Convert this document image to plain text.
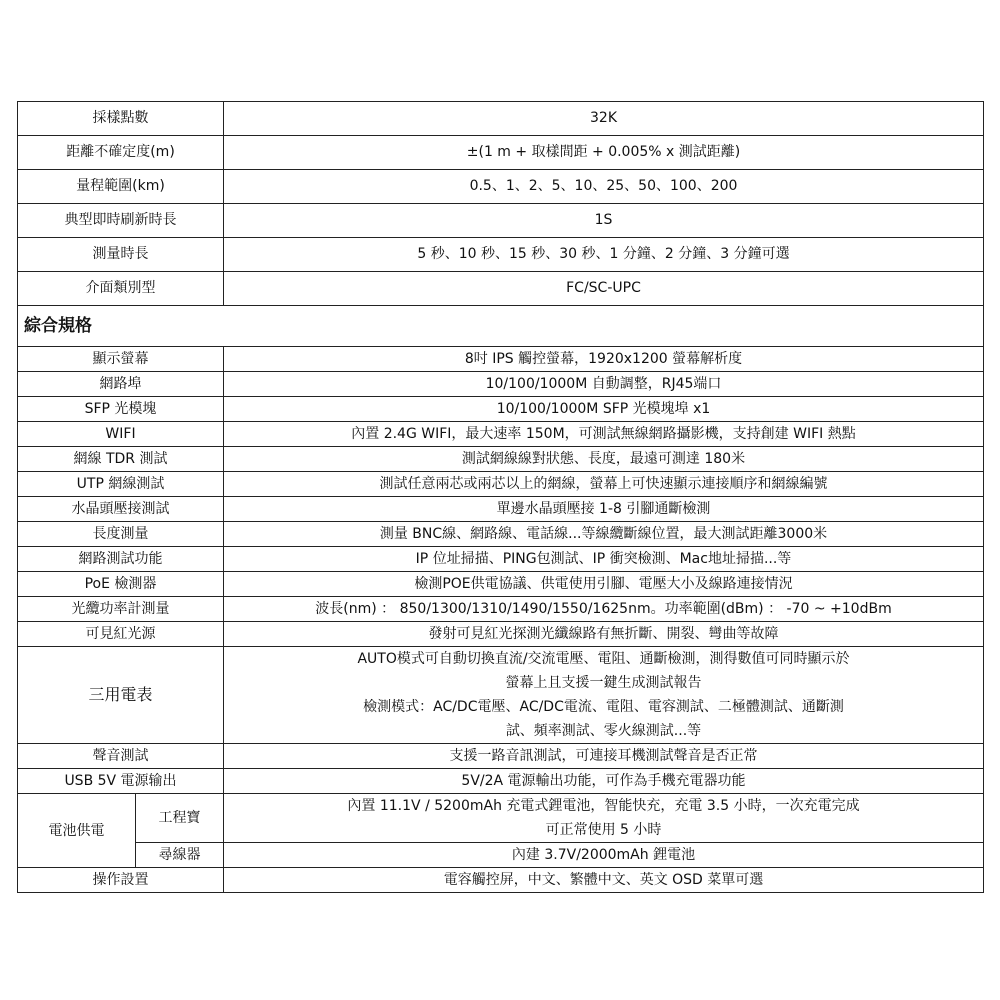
採樣點數		32K
距離不確定度(m)		±(1 m + 取樣間距 + 0.005% x 測試距離)
量程範圍(km)		0.5、1、2、5、10、25、50、100、200
典型即時刷新時長		1S
測量時長		5 秒、10 秒、15 秒、30 秒、1 分鐘、2 分鐘、3 分鐘可選
介面類別型		FC/SC-UPC
綜合規格		
顯示螢幕		8吋 IPS 觸控螢幕，1920x1200 螢幕解析度
網路埠		10/100/1000M 自動調整，RJ45端口
SFP 光模塊		10/100/1000M SFP 光模塊埠 x1
WIFI		內置 2.4G WIFI，最大速率 150M，可測試無線網路攝影機，支持創建 WIFI 熱點
網線 TDR 測試		測試網線線對狀態、長度，最遠可測達 180米
UTP 網線測試		測試任意兩芯或兩芯以上的網線，螢幕上可快速顯示連接順序和網線編號
水晶頭壓接測試		單邊水晶頭壓接 1-8 引腳通斷檢測
長度測量		測量 BNC線、網路線、電話線...等線纜斷線位置，最大測試距離3000米
網路測試功能		IP 位址掃描、PING包測試、IP 衝突檢測、Mac地址掃描...等
PoE 檢測器		檢測POE供電協議、供電使用引腳、電壓大小及線路連接情況
光纜功率計測量		波長(nm) ： 850/1300/1310/1490/1550/1625nm。功率範圍(dBm) ： -70 ~ +10dBm
可見紅光源		發射可見紅光探測光纖線路有無折斷、開裂、彎曲等故障
三用電表		AUTO模式可自動切換直流/交流電壓、電阻、通斷檢測，測得數值可同時顯示於
螢幕上且支援一鍵生成測試報告
檢測模式：AC/DC電壓、AC/DC電流、電阻、電容測試、二極體測試、通斷測
試、頻率測試、零火線測試...等

聲音測試		支援一路音訊測試，可連接耳機測試聲音是否正常
USB 5V 電源输出		5V/2A 電源輸出功能，可作為手機充電器功能
電池供電	工程寶	內置 11.1V / 5200mAh 充電式鋰電池，智能快充，充電 3.5 小時，一次充電完成
可正常使用 5 小時

	尋線器	內建 3.7V/2000mAh 鋰電池
操作設置		電容觸控屏，中文、繁體中文、英文 OSD 菜單可選
